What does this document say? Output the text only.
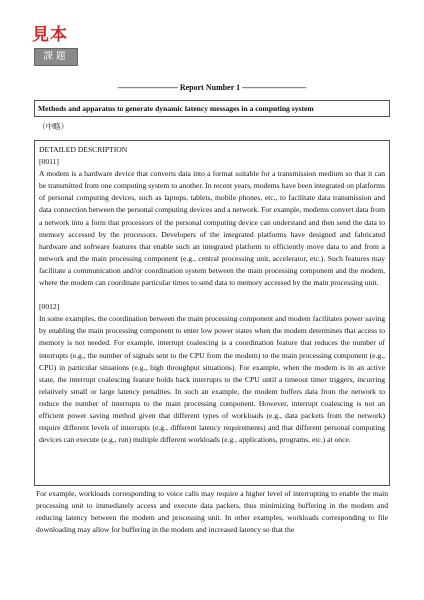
見本
課題
––––––––––––––– Report Number 1 ––––––––––––––––
Methods and apparatus to generate dynamic latency messages in a computing system
（中略）

DETAILED DESCRIPTION

[0011]

A modem is a hardware device that converts data into a format suitable for a transmission medium so that it can be transmitted from one computing system to another. In recent years, modems have been integrated on platforms of personal computing devices, such as laptops, tablets, mobile phones, etc., to facilitate data transmission and data connection between the personal computing devices and a network. For example, modems convert data from a network into a form that processors of the personal computing device can understand and then send the data to memory accessed by the processors. Developers of the integrated platforms have designed and fabricated hardware and software features that enable such an integrated platform to efficiently move data to and from a network and the main processing component (e.g., central processing unit, accelerator, etc.). Such features may facilitate a communication and/or coordination system between the main processing component and the modem, where the modem can coordinate particular times to send data to memory accessed by the main processing unit.

[0012]

In some examples, the coordination between the main processing component and modem facilitates power saving by enabling the main processing component to enter low power states when the modem determines that access to memory is not needed. For example, interrupt coalescing is a coordination feature that reduces the number of interrupts (e.g., the number of signals sent to the CPU from the modem) to the main processing component (e.g., CPU) in particular situations (e.g., high throughput situations). For example, when the modem is in an active state, the interrupt coalescing feature holds back interrupts to the CPU until a timeout timer triggers, incurring relatively small or large latency penalties. In such an example, the modem buffers data from the network to reduce the number of interrupts to the main processing component. However, interrupt coalescing is not an efficient power saving method given that different types of workloads (e.g., data packets from the network) require different levels of interrupts (e.g., different latency requirements) and that different personal computing devices can execute (e.g., run) multiple different workloads (e.g., applications, programs, etc.) at once.

For example, workloads corresponding to voice calls may require a higher level of interrupting to enable the main processing unit to immediately access and execute data packets, thus minimizing buffering in the modem and reducing latency between the modem and processing unit. In other examples, workloads corresponding to file downloading may allow for buffering in the modem and increased latency so that the
